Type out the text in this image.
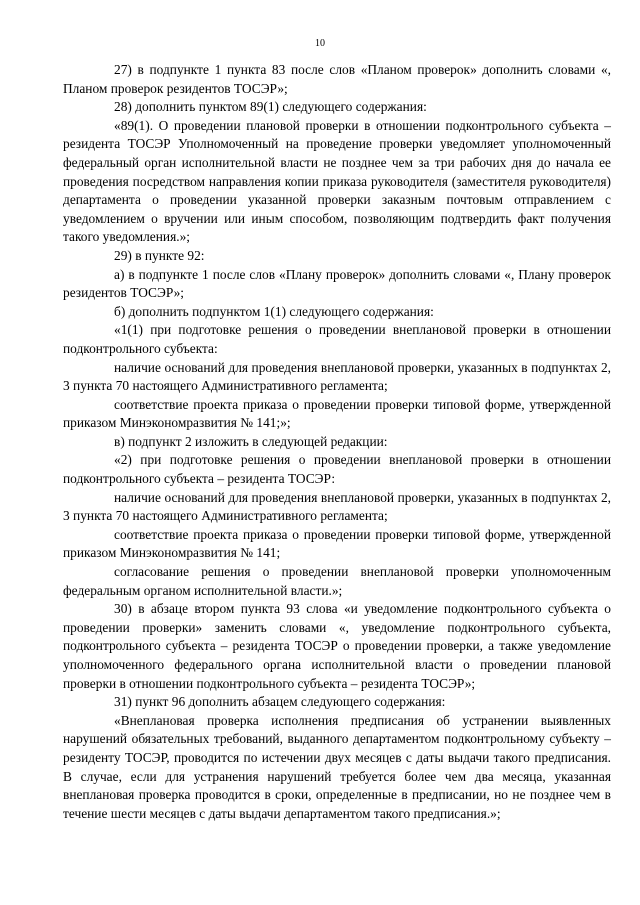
10

27) в подпункте 1 пункта 83 после слов «Планом проверок» дополнить словами «, Планом проверок резидентов ТОСЭР»;

28) дополнить пунктом 89(1) следующего содержания:

«89(1). О проведении плановой проверки в отношении подконтрольного субъекта – резидента ТОСЭР Уполномоченный на проведение проверки уведомляет уполномоченный федеральный орган исполнительной власти не позднее чем за три рабочих дня до начала ее проведения посредством направления копии приказа руководителя (заместителя руководителя) департамента о проведении указанной проверки заказным почтовым отправлением с уведомлением о вручении или иным способом, позволяющим подтвердить факт получения такого уведомления.»;

29) в пункте 92:

а) в подпункте 1 после слов «Плану проверок» дополнить словами «, Плану проверок резидентов ТОСЭР»;

б) дополнить подпунктом 1(1) следующего содержания:

«1(1) при подготовке решения о проведении внеплановой проверки в отношении подконтрольного субъекта:

наличие оснований для проведения внеплановой проверки, указанных в подпунктах 2, 3 пункта 70 настоящего Административного регламента;

соответствие проекта приказа о проведении проверки типовой форме, утвержденной приказом Минэкономразвития № 141;»;

в) подпункт 2 изложить в следующей редакции:

«2) при подготовке решения о проведении внеплановой проверки в отношении подконтрольного субъекта – резидента ТОСЭР:

наличие оснований для проведения внеплановой проверки, указанных в подпунктах 2, 3 пункта 70 настоящего Административного регламента;

соответствие проекта приказа о проведении проверки типовой форме, утвержденной приказом Минэкономразвития № 141;

согласование решения о проведении внеплановой проверки уполномоченным федеральным органом исполнительной власти.»;

30) в абзаце втором пункта 93 слова «и уведомление подконтрольного субъекта о проведении проверки» заменить словами «, уведомление подконтрольного субъекта, подконтрольного субъекта – резидента ТОСЭР о проведении проверки, а также уведомление уполномоченного федерального органа исполнительной власти о проведении плановой проверки в отношении подконтрольного субъекта – резидента ТОСЭР»;

31) пункт 96 дополнить абзацем следующего содержания:

«Внеплановая проверка исполнения предписания об устранении выявленных нарушений обязательных требований, выданного департаментом подконтрольному субъекту – резиденту ТОСЭР, проводится по истечении двух месяцев с даты выдачи такого предписания. В случае, если для устранения нарушений требуется более чем два месяца, указанная внеплановая проверка проводится в сроки, определенные в предписании, но не позднее чем в течение шести месяцев с даты выдачи департаментом такого предписания.»;
